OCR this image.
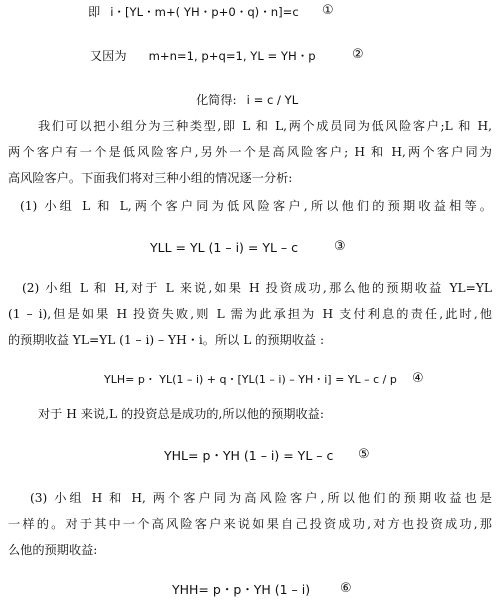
即 i・[YL・m+( YH・p+0・q)・n]=c ①
又因为 m+n=1, p+q=1, YL = YH・p	②
化简得: i = c / YL
我们可以把小组分为三种类型,即 L 和 L,两个成员同为低风险客户;L 和 H,
两个客户有一个是低风险客户,另外一个是高风险客户; H 和 H,两个客户同为
高风险客户。下面我们将对三种小组的情况逐一分析:
(1) 小组 L 和 L,两个客户同为低风险客户,所以他们的预期收益相等。
YLL = YL (1 – i) = YL – c	③
(2) 小组 L 和 H,对于 L 来说,如果 H 投资成功,那么他的预期收益 YL=YL
(1 – i),但是如果 H 投资失败,则 L 需为此承担为 H 支付利息的责任,此时,他
的预期收益 YL=YL (1 – i) – YH・i。所以 L 的预期收益 :
YLH= p・ YL(1 – i) + q・[YL(1 – i) – YH・i] = YL – c / p ④
对于 H 来说,L 的投资总是成功的,所以他的预期收益:
YHL= p・YH (1 – i) = YL – c ⑤
(3) 小组 H 和 H, 两个客户同为高风险客户,所以他们的预期收益也是
一样的。对于其中一个高风险客户来说如果自己投资成功,对方也投资成功,那
么他的预期收益:
YHH= p・p・YH (1 – i) ⑥
